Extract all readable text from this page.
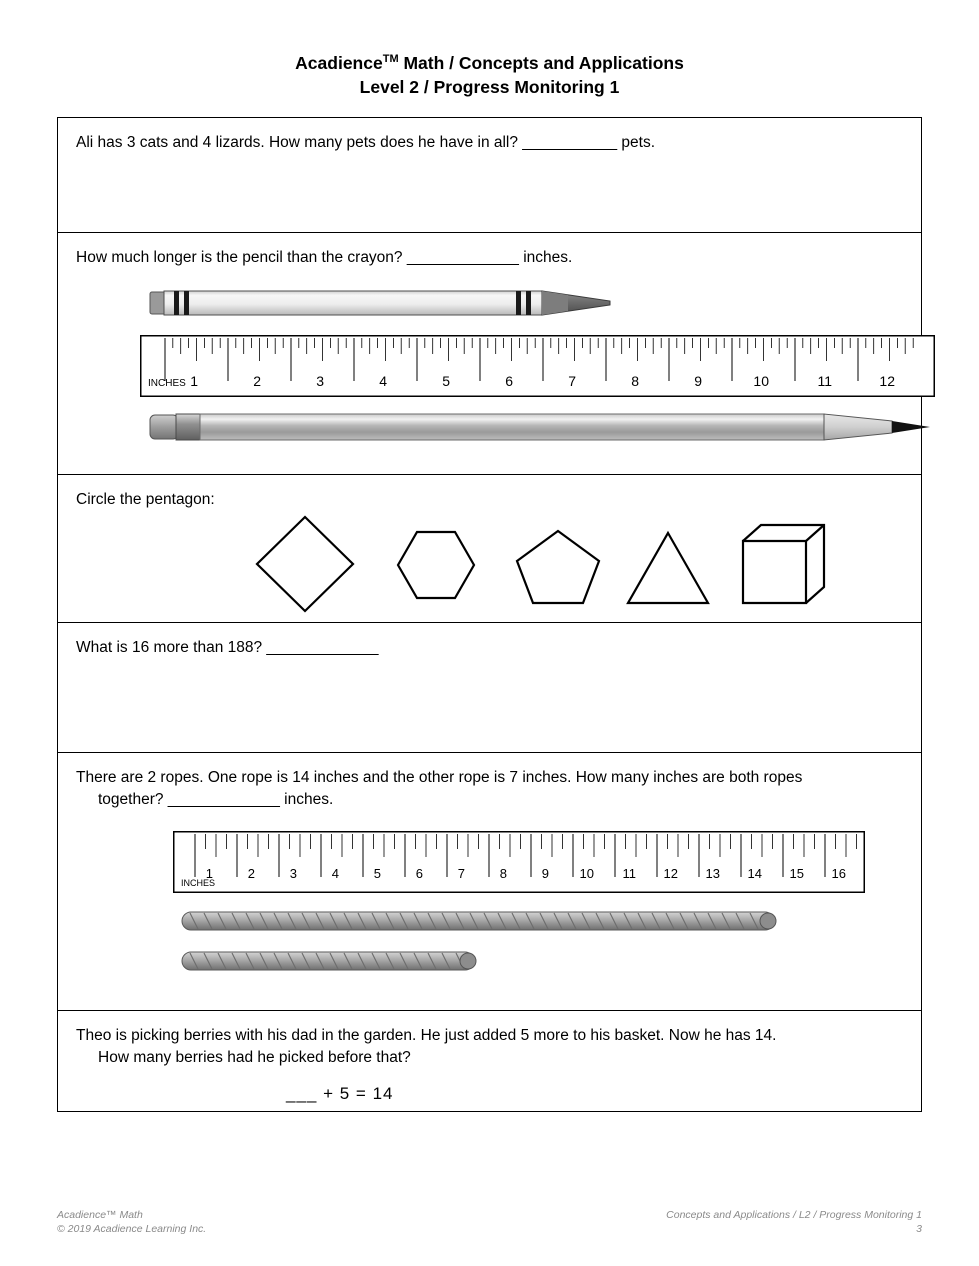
Acadience™ Math / Concepts and Applications
Level 2 / Progress Monitoring 1
Ali has 3 cats and 4 lizards. How many pets does he have in all? ___________ pets.
How much longer is the pencil than the crayon? _____________ inches.
INCHES 1	2	3	4	5	6	7	8	9	10	11	12
Circle the pentagon:
What is 16 more than 188? _____________
There are 2 ropes. One rope is 14 inches and the other rope is 7 inches. How many inches are both ropes
together? _____________ inches.
INCHES
1	2	3	4	5	6	7	8	9 10 11 12 13 14 15 16
Theo is picking berries with his dad in the garden. He just added 5 more to his basket. Now he has 14.
How many berries had he picked before that?
___ + 5 = 14
Acadience™ Math
© 2019 Acadience Learning Inc.
Concepts and Applications / L2 / Progress Monitoring 1
3
